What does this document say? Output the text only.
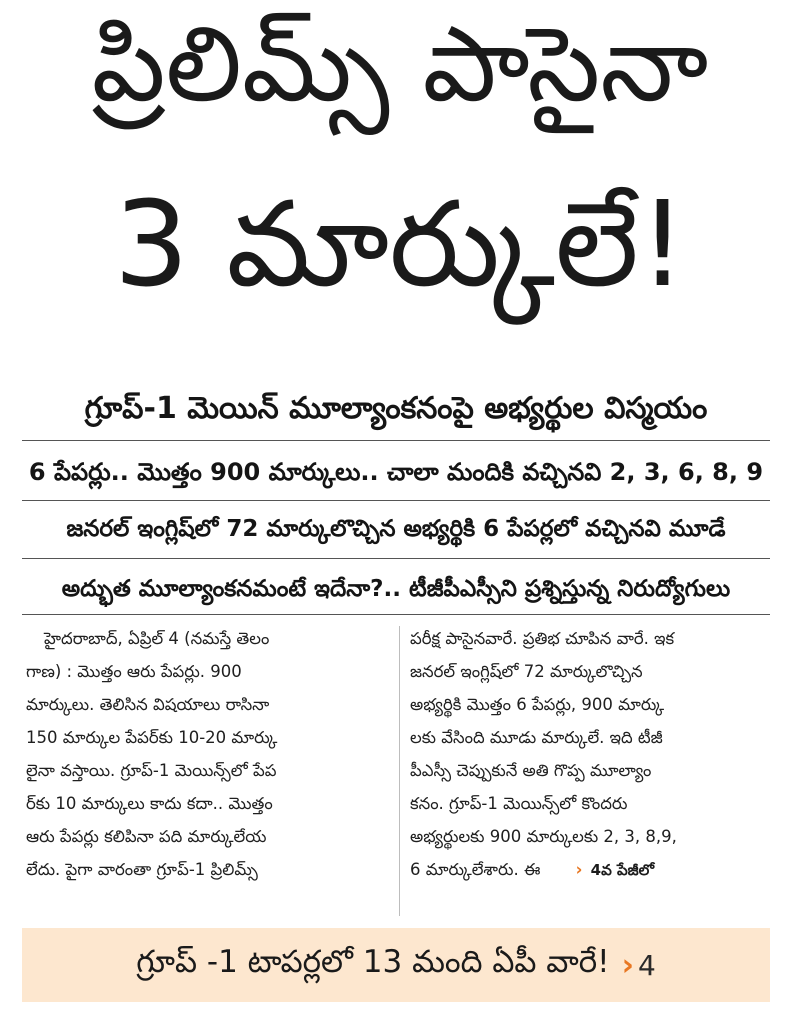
ప్రిలిమ్స్ పాసైనా
3 మార్కులే!
గ్రూప్-1 మెయిన్ మూల్యాంకనంపై అభ్యర్థుల విస్మయం
6 పేపర్లు.. మొత్తం 900 మార్కులు.. చాలా మందికి వచ్చినవి 2, 3, 6, 8, 9
జనరల్ ఇంగ్లిష్‌లో 72 మార్కులొచ్చిన అభ్యర్థికి 6 పేపర్లలో వచ్చినవి మూడే
అద్భుత మూల్యాంకనమంటే ఇదేనా?.. టీజీపీఎస్సీని ప్రశ్నిస్తున్న నిరుద్యోగులు
హైదరాబాద్, ఏప్రిల్ 4 (నమస్తే తెలం
గాణ) : మొత్తం ఆరు పేపర్లు. 900
మార్కులు. తెలిసిన విషయాలు రాసినా
150 మార్కుల పేపర్‌కు 10-20 మార్కు
లైనా వస్తాయి. గ్రూప్-1 మెయిన్స్‌లో పేప
ర్‌కు 10 మార్కులు కాదు కదా.. మొత్తం
ఆరు పేపర్లు కలిపినా పది మార్కులేయ
లేదు. పైగా వారంతా గ్రూప్-1 ప్రిలిమ్స్
పరీక్ష పాసైనవారే. ప్రతిభ చూపిన వారే. ఇక
జనరల్ ఇంగ్లిష్‌లో 72 మార్కులొచ్చిన
అభ్యర్థికి మొత్తం 6 పేపర్లు, 900 మార్కు
లకు వేసింది మూడు మార్కులే. ఇది టీజీ
పీఎస్సీ చెప్పుకునే అతి గొప్ప మూల్యాం
కనం. గ్రూప్-1 మెయిన్స్‌లో కొందరు
అభ్యర్థులకు 900 మార్కులకు 2, 3, 8,9,
6 మార్కులేశారు. ఈ › 4వ పేజీలో
గ్రూప్ -1 టాపర్లలో 13 మంది ఏపీ వారే! › 4
